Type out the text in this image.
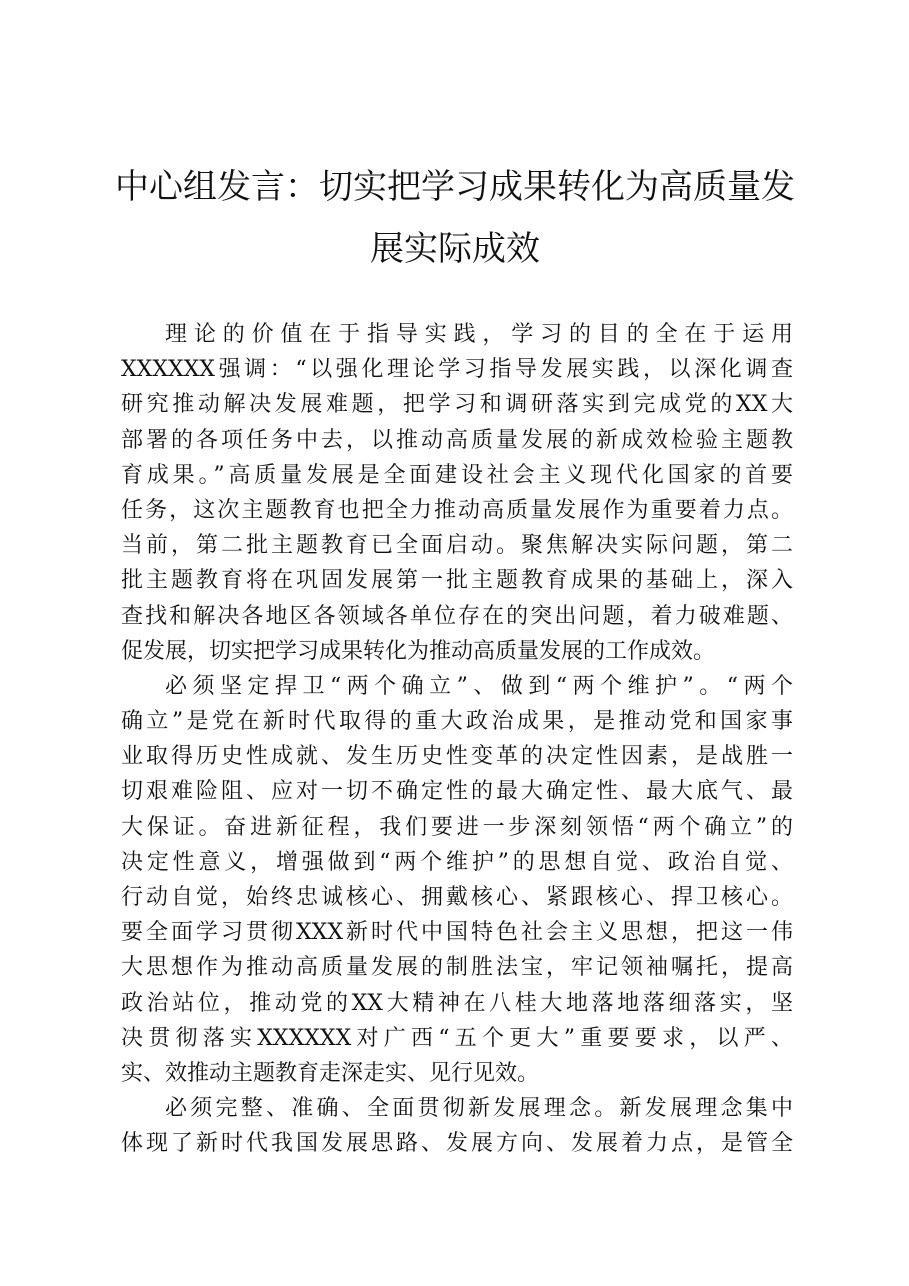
中心组发言：切实把学习成果转化为高质量发
展实际成效

理论的价值在于指导实践，学习的目的全在于运用
XXXXXX强调：“以强化理论学习指导发展实践，以深化调查
研究推动解决发展难题，把学习和调研落实到完成党的XX大
部署的各项任务中去，以推动高质量发展的新成效检验主题教
育成果。”高质量发展是全面建设社会主义现代化国家的首要
任务，这次主题教育也把全力推动高质量发展作为重要着力点。
当前，第二批主题教育已全面启动。聚焦解决实际问题，第二
批主题教育将在巩固发展第一批主题教育成果的基础上，深入
查找和解决各地区各领域各单位存在的突出问题，着力破难题、
促发展，切实把学习成果转化为推动高质量发展的工作成效。

必须坚定捍卫“两个确立”、做到“两个维护”。“两个
确立”是党在新时代取得的重大政治成果，是推动党和国家事
业取得历史性成就、发生历史性变革的决定性因素，是战胜一
切艰难险阻、应对一切不确定性的最大确定性、最大底气、最
大保证。奋进新征程，我们要进一步深刻领悟“两个确立”的
决定性意义，增强做到“两个维护”的思想自觉、政治自觉、
行动自觉，始终忠诚核心、拥戴核心、紧跟核心、捍卫核心。
要全面学习贯彻XXX新时代中国特色社会主义思想，把这一伟
大思想作为推动高质量发展的制胜法宝，牢记领袖嘱托，提高
政治站位，推动党的XX大精神在八桂大地落地落细落实，坚
决贯彻落实XXXXXX对广西“五个更大”重要要求，以严、
实、效推动主题教育走深走实、见行见效。

必须完整、准确、全面贯彻新发展理念。新发展理念集中
体现了新时代我国发展思路、发展方向、发展着力点，是管全
